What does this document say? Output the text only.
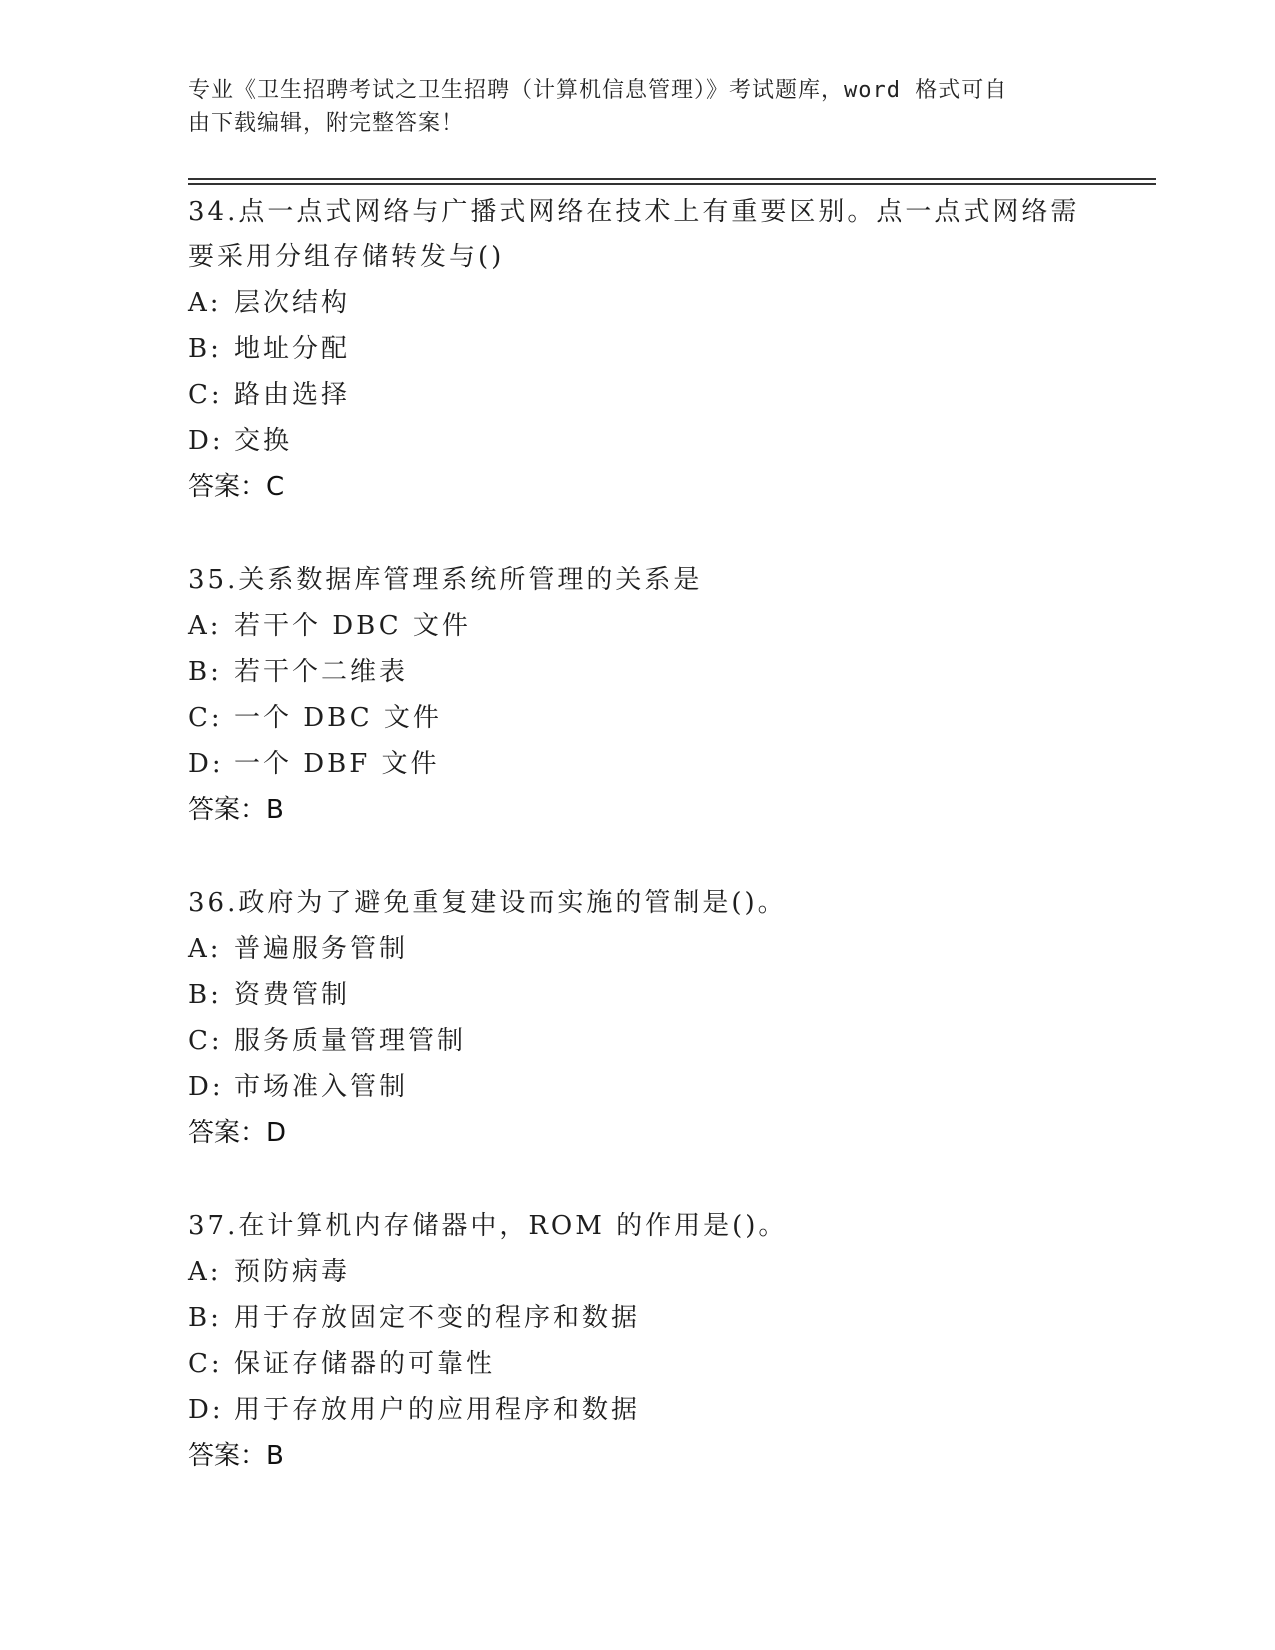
专业《卫生招聘考试之卫生招聘（计算机信息管理）》考试题库，word 格式可自
由下载编辑，附完整答案！

34.点一点式网络与广播式网络在技术上有重要区别。点一点式网络需

要采用分组存储转发与()

A: 层次结构

B: 地址分配

C: 路由选择

D: 交换

答案：C

35.关系数据库管理系统所管理的关系是

A: 若干个 DBC 文件

B: 若干个二维表

C: 一个 DBC 文件

D: 一个 DBF 文件

答案：B

36.政府为了避免重复建设而实施的管制是()。

A: 普遍服务管制

B: 资费管制

C: 服务质量管理管制

D: 市场准入管制

答案：D

37.在计算机内存储器中，ROM 的作用是()。

A: 预防病毒

B: 用于存放固定不变的程序和数据

C: 保证存储器的可靠性

D: 用于存放用户的应用程序和数据

答案：B
